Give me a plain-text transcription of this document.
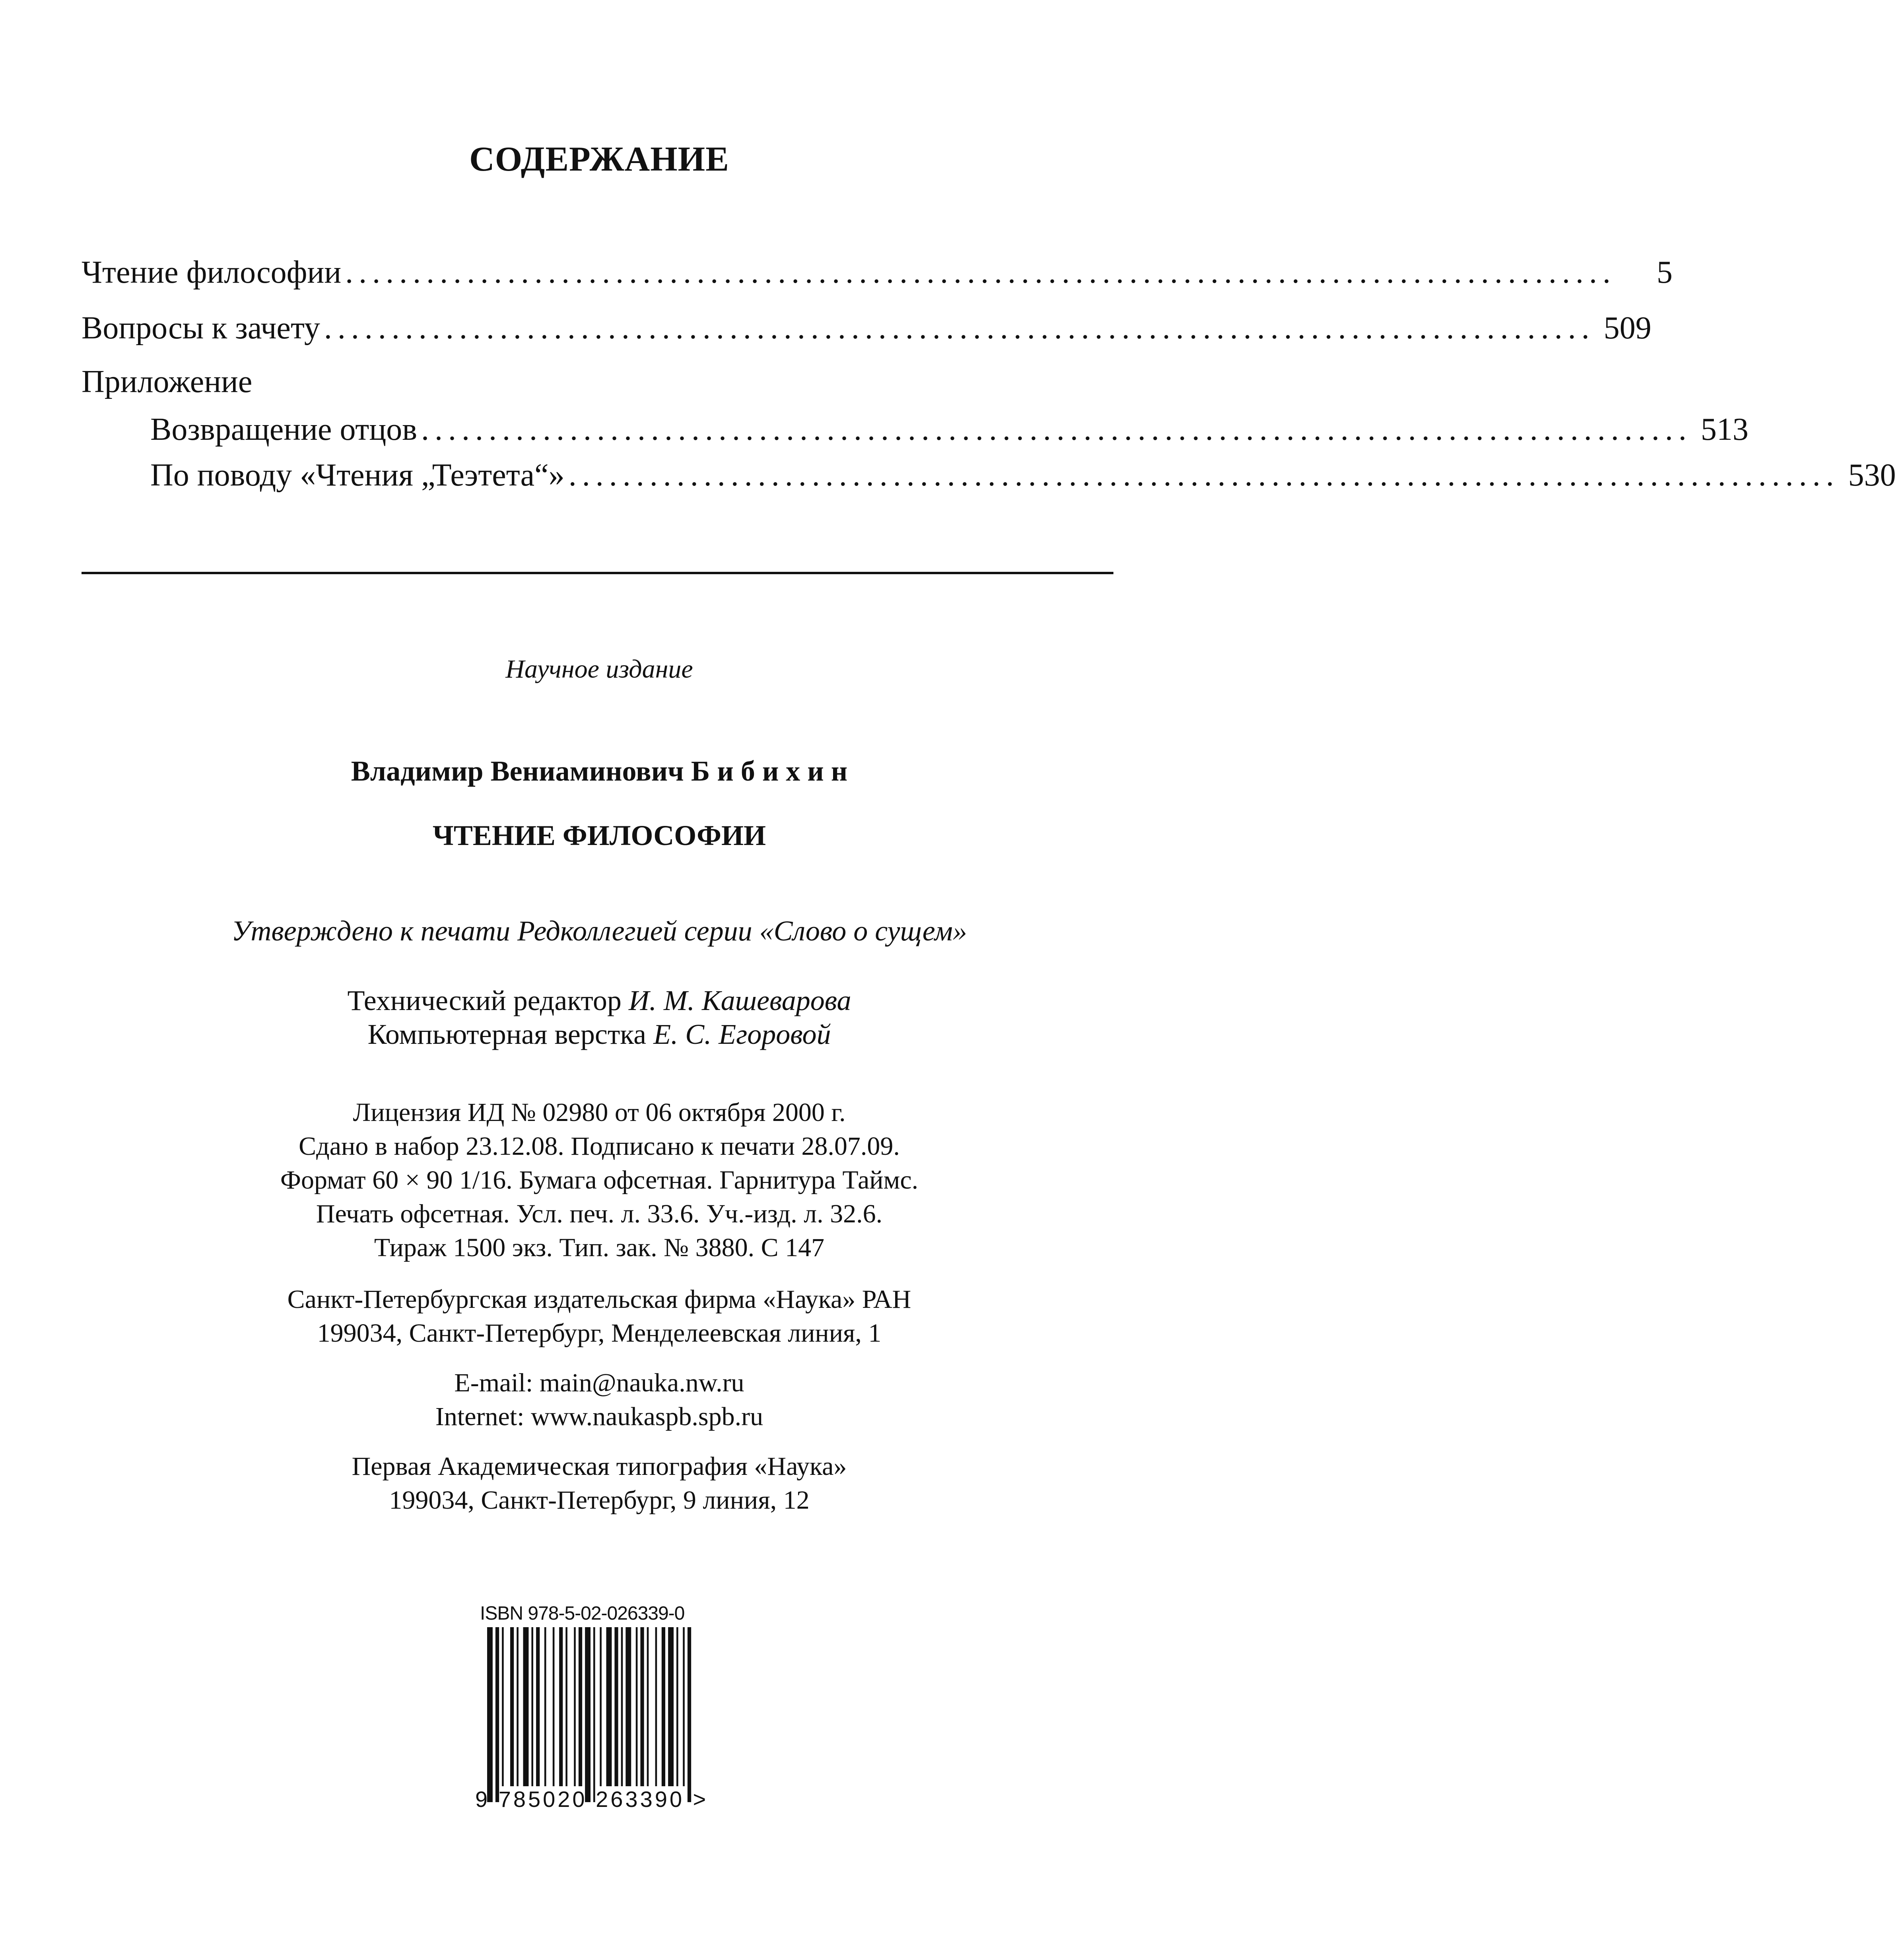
СОДЕРЖАНИЕ
Чтение философии ..............................................................................................	5
Вопросы к зачету .............................................................................................. 509
Приложение
Возвращение отцов .............................................................................................. 513
По поводу «Чтения „Теэтета“» .............................................................................................. 530
Научное издание
Владимир Вениаминович Б и б и х и н
ЧТЕНИЕ ФИЛОСОФИИ
Утверждено к печати Редколлегией серии «Слово о сущем»
Технический редактор И. М. Кашеварова
Компьютерная верстка Е. С. Егоровой
Лицензия ИД № 02980 от 06 октября 2000 г.
Сдано в набор 23.12.08. Подписано к печати 28.07.09.
Формат 60 × 90 1/16. Бумага офсетная. Гарнитура Таймс.
Печать офсетная. Усл. печ. л. 33.6. Уч.-изд. л. 32.6.
Тираж 1500 экз. Тип. зак. № 3880. С 147
Санкт-Петербургская издательская фирма «Наука» РАН
199034, Санкт-Петербург, Менделеевская линия, 1
E-mail: main@nauka.nw.ru
Internet: www.naukaspb.spb.ru
Первая Академическая типография «Наука»
199034, Санкт-Петербург, 9 линия, 12
ISBN 978-5-02-026339-0
9 785020 263390 >
